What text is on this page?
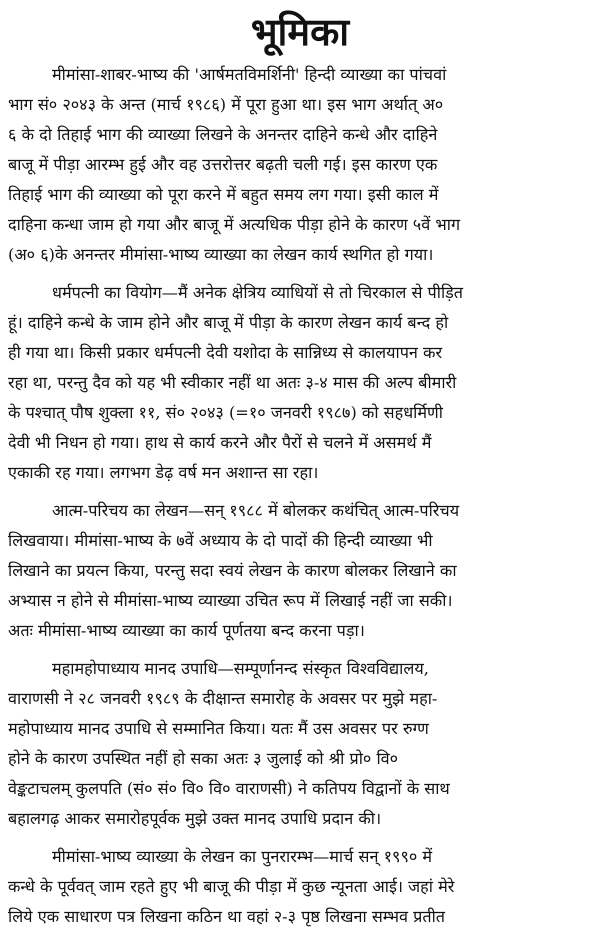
भूमिका
मीमांसा-शाबर-भाष्य की 'आर्षमतविमर्शिनी' हिन्दी व्याख्या का पांचवां
भाग सं० २०४३ के अन्त (मार्च १९८६) में पूरा हुआ था। इस भाग अर्थात् अ०
६ के दो तिहाई भाग की व्याख्या लिखने के अनन्तर दाहिने कन्धे और दाहिने
बाजू में पीड़ा आरम्भ हुई और वह उत्तरोत्तर बढ़ती चली गई। इस कारण एक
तिहाई भाग की व्याख्या को पूरा करने में बहुत समय लग गया। इसी काल में
दाहिना कन्धा जाम हो गया और बाजू में अत्यधिक पीड़ा होने के कारण ५वें भाग
(अ० ६)के अनन्तर मीमांसा-भाष्य व्याख्या का लेखन कार्य स्थगित हो गया।
धर्मपत्नी का वियोग—मैं अनेक क्षेत्रिय व्याधियों से तो चिरकाल से पीड़ित
हूं। दाहिने कन्धे के जाम होने और बाजू में पीड़ा के कारण लेखन कार्य बन्द हो
ही गया था। किसी प्रकार धर्मपत्नी देवी यशोदा के सान्निध्य से कालयापन कर
रहा था, परन्तु दैव को यह भी स्वीकार नहीं था अतः ३-४ मास की अल्प बीमारी
के पश्चात् पौष शुक्ला ११, सं० २०४३ (=१० जनवरी १९८७) को सहधर्मिणी
देवी भी निधन हो गया। हाथ से कार्य करने और पैरों से चलने में असमर्थ मैं
एकाकी रह गया। लगभग डेढ़ वर्ष मन अशान्त सा रहा।
आत्म-परिचय का लेखन—सन् १९८८ में बोलकर कथंचित् आत्म-परिचय
लिखवाया। मीमांसा-भाष्य के ७वें अध्याय के दो पादों की हिन्दी व्याख्या भी
लिखाने का प्रयत्न किया, परन्तु सदा स्वयं लेखन के कारण बोलकर लिखाने का
अभ्यास न होने से मीमांसा-भाष्य व्याख्या उचित रूप में लिखाई नहीं जा सकी।
अतः मीमांसा-भाष्य व्याख्या का कार्य पूर्णतया बन्द करना पड़ा।
महामहोपाध्याय मानद उपाधि—सम्पूर्णानन्द संस्कृत विश्वविद्यालय,
वाराणसी ने २८ जनवरी १९८९ के दीक्षान्त समारोह के अवसर पर मुझे महा-
महोपाध्याय मानद उपाधि से सम्मानित किया। यतः मैं उस अवसर पर रुग्ण
होने के कारण उपस्थित नहीं हो सका अतः ३ जुलाई को श्री प्रो० वि०
वेङ्कटाचलम् कुलपति (सं० सं० वि० वि० वाराणसी) ने कतिपय विद्वानों के साथ
बहालगढ़ आकर समारोहपूर्वक मुझे उक्त मानद उपाधि प्रदान की।
मीमांसा-भाष्य व्याख्या के लेखन का पुनरारम्भ—मार्च सन् १९९० में
कन्धे के पूर्ववत् जाम रहते हुए भी बाजू की पीड़ा में कुछ न्यूनता आई। जहां मेरे
लिये एक साधारण पत्र लिखना कठिन था वहां २-३ पृष्ठ लिखना सम्भव प्रतीत
